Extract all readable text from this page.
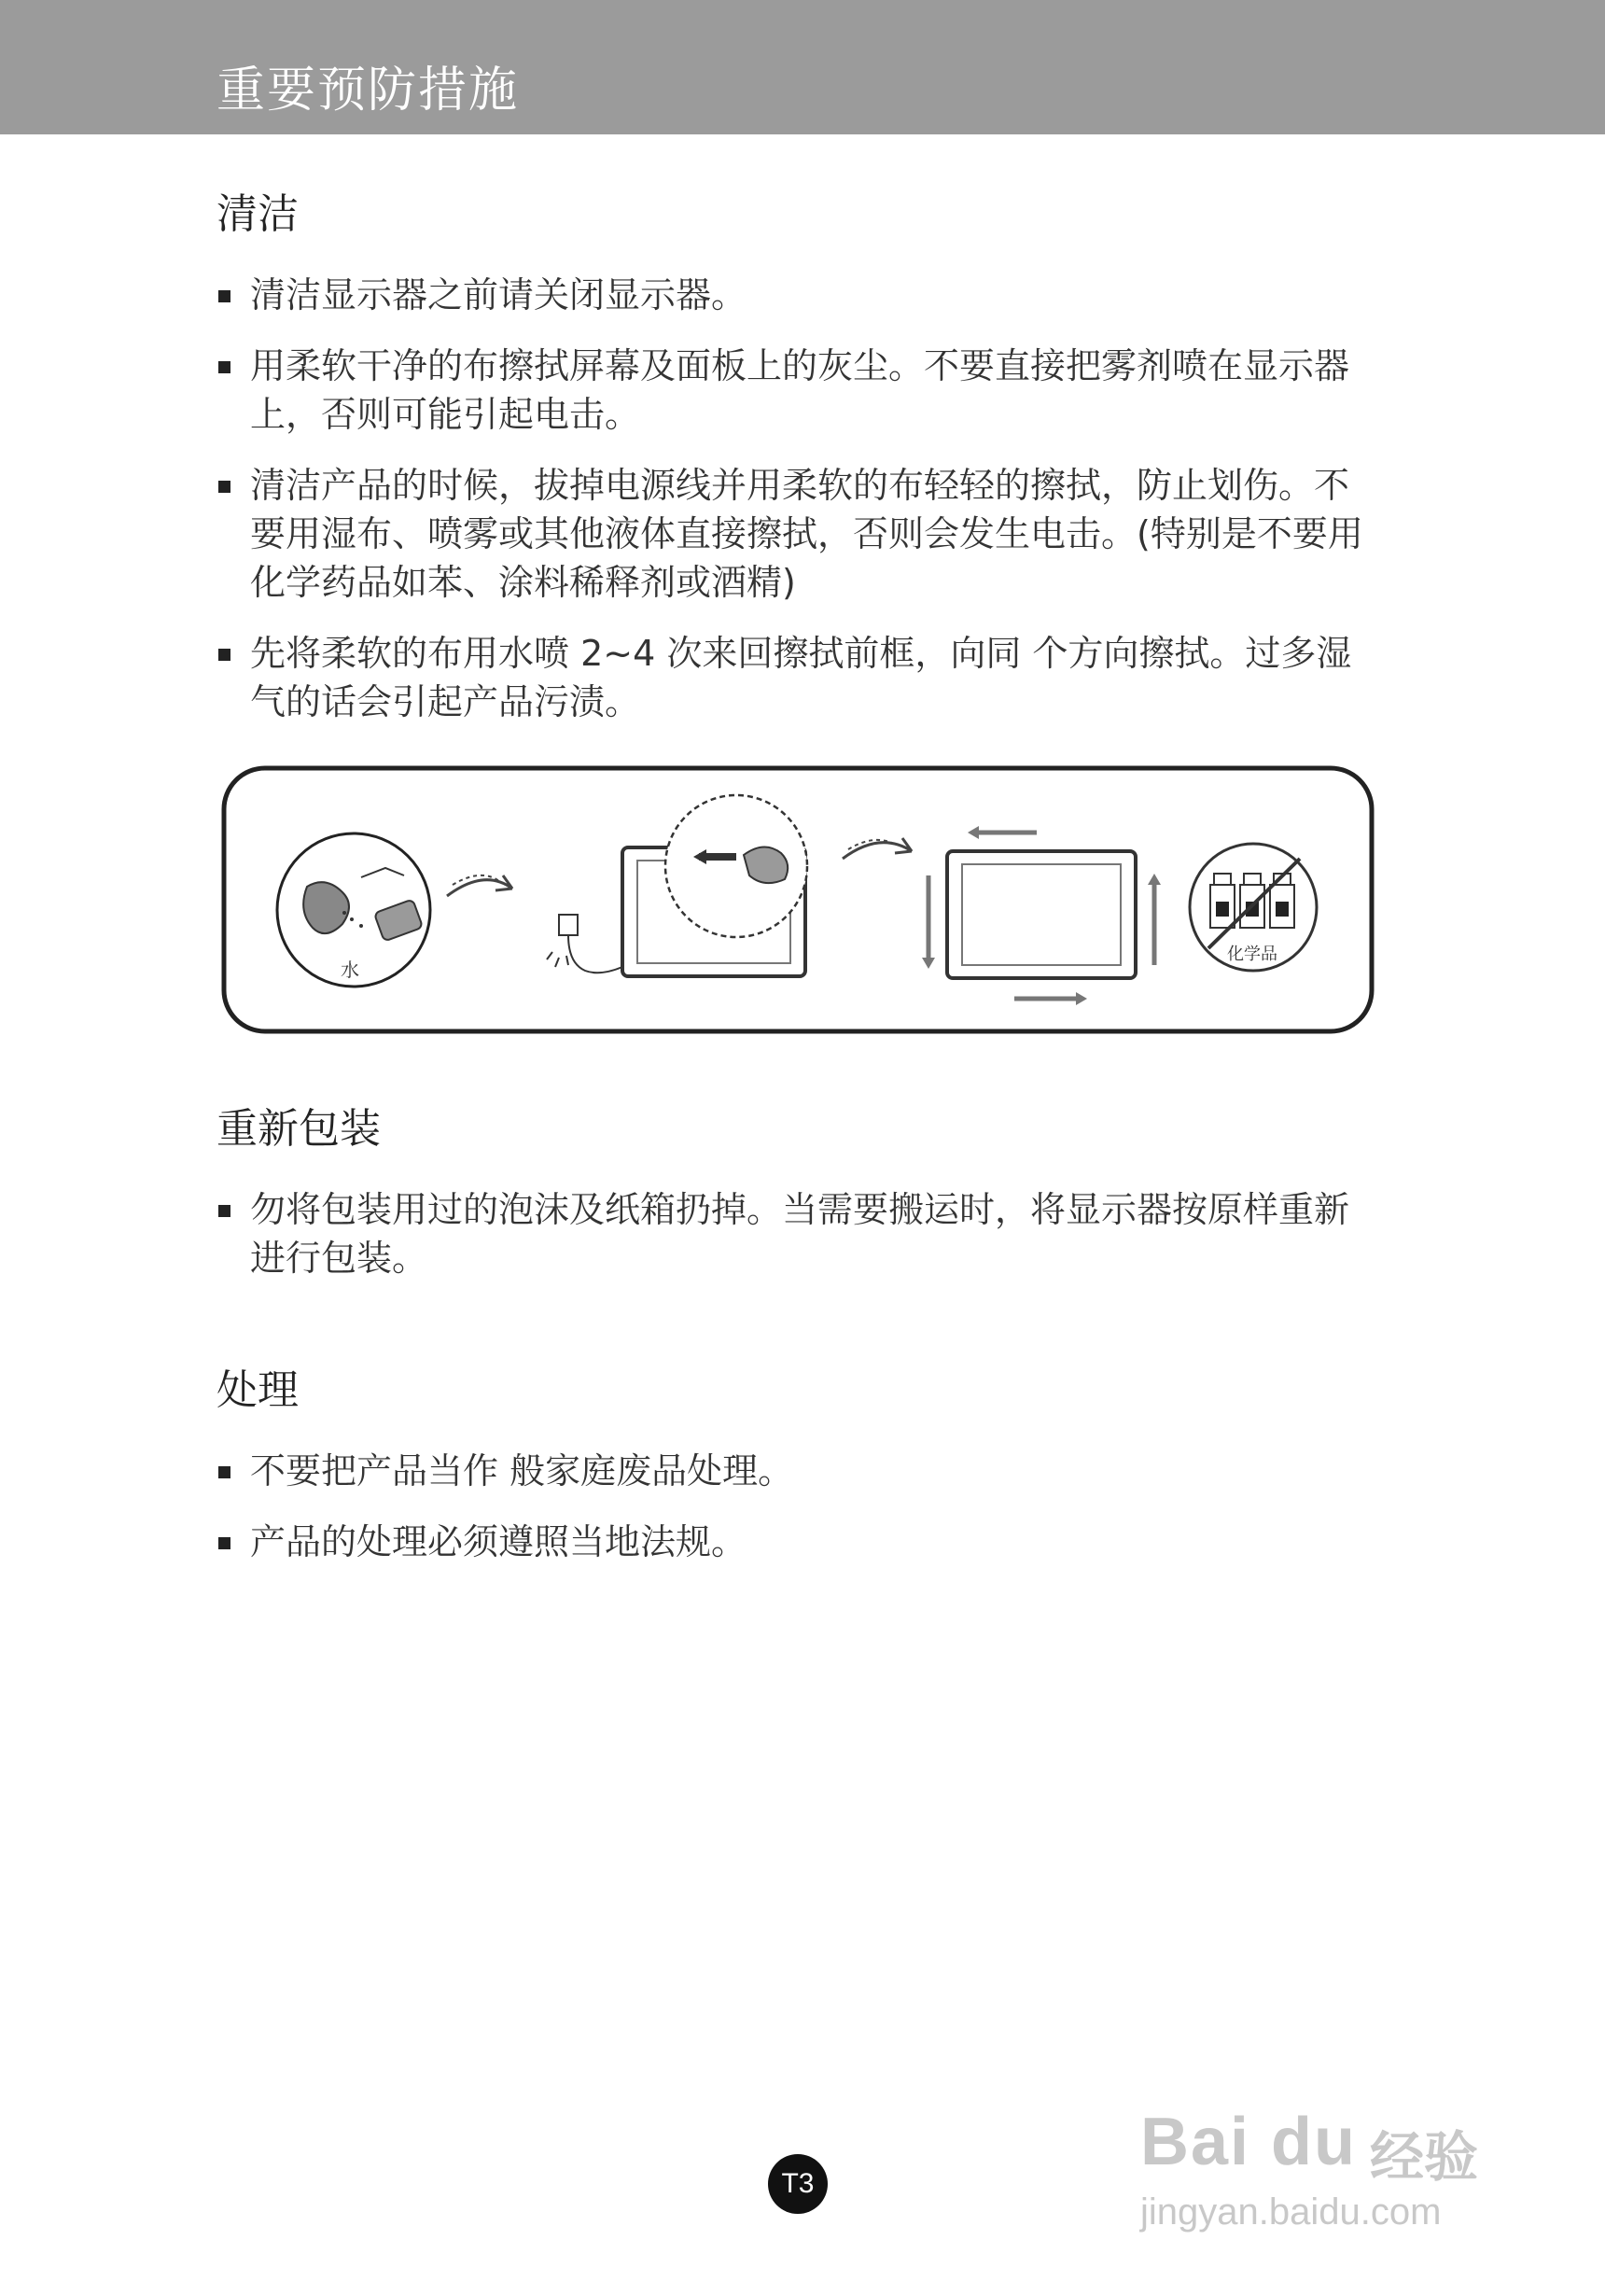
重要预防措施
清洁
清洁显示器之前请关闭显示器。
用柔软干净的布擦拭屏幕及面板上的灰尘。不要直接把雾剂喷在显示器上，否则可能引起电击。
清洁产品的时候，拔掉电源线并用柔软的布轻轻的擦拭，防止划伤。不要用湿布、喷雾或其他液体直接擦拭，否则会发生电击。(特别是不要用化学药品如苯、涂料稀释剂或酒精)
先将柔软的布用水喷 2~4 次来回擦拭前框，向同 个方向擦拭。过多湿气的话会引起产品污渍。
水
化学品
重新包装
勿将包装用过的泡沫及纸箱扔掉。当需要搬运时，将显示器按原样重新进行包装。
处理
不要把产品当作 般家庭废品处理。
产品的处理必须遵照当地法规。
T3
Bai du 经验
jingyan.baidu.com
